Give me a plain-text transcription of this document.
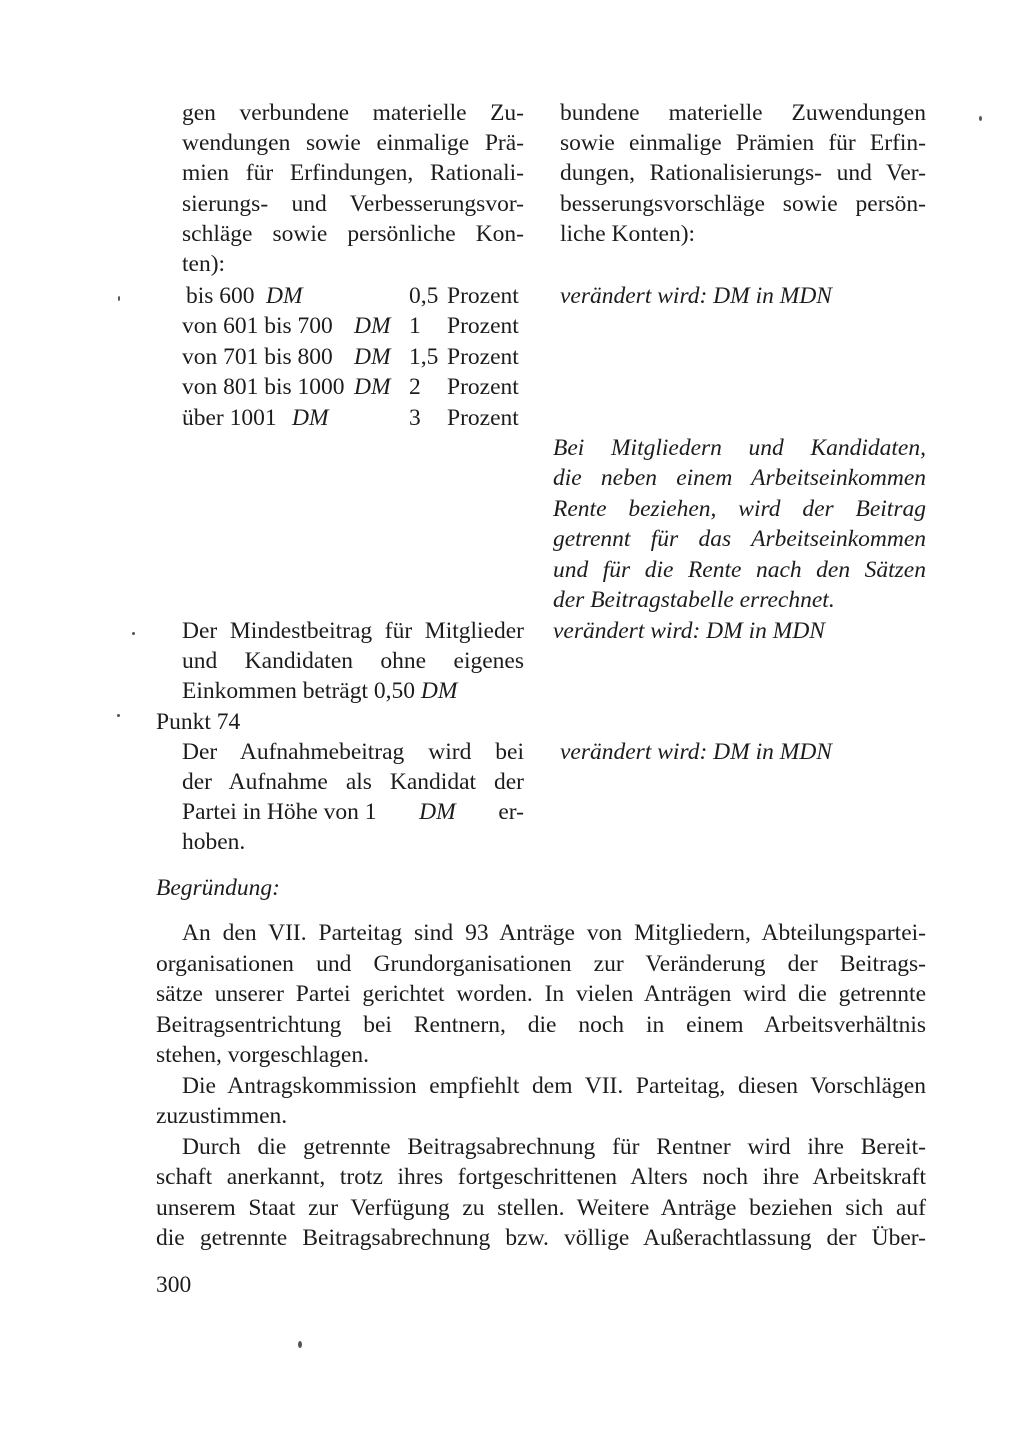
gen verbundene materielle Zu-
wendungen sowie einmalige Prä-
mien für Erfindungen, Rationali-
sierungs- und Verbesserungsvor-
schläge sowie persönliche Kon-
ten):
bis 600 DM	0,5 Prozent
von 601 bis 700 DM 1 Prozent
von 701 bis 800 DM 1,5 Prozent
von 801 bis 1000 DM 2 Prozent
über 1001 DM	3 Prozent
Der Mindestbeitrag für Mitglieder
und Kandidaten ohne eigenes
Einkommen beträgt 0,50 DM
Punkt 74
Der Aufnahmebeitrag wird bei
der Aufnahme als Kandidat der
Partei in Höhe von 1 DM er-
hoben.
bundene materielle Zuwendungen
sowie einmalige Prämien für Erfin-
dungen, Rationalisierungs- und Ver-
besserungsvorschläge sowie persön-
liche Konten):
verändert wird: DM in MDN
Bei Mitgliedern und Kandidaten,
die neben einem Arbeitseinkommen
Rente beziehen, wird der Beitrag
getrennt für das Arbeitseinkommen
und für die Rente nach den Sätzen
der Beitragstabelle errechnet.
verändert wird: DM in MDN
verändert wird: DM in MDN
Begründung:
An den VII. Parteitag sind 93 Anträge von Mitgliedern, Abteilungspartei-
organisationen und Grundorganisationen zur Veränderung der Beitrags-
sätze unserer Partei gerichtet worden. In vielen Anträgen wird die getrennte
Beitragsentrichtung bei Rentnern, die noch in einem Arbeitsverhältnis
stehen, vorgeschlagen.
Die Antragskommission empfiehlt dem VII. Parteitag, diesen Vorschlägen
zuzustimmen.
Durch die getrennte Beitragsabrechnung für Rentner wird ihre Bereit-
schaft anerkannt, trotz ihres fortgeschrittenen Alters noch ihre Arbeitskraft
unserem Staat zur Verfügung zu stellen. Weitere Anträge beziehen sich auf
die getrennte Beitragsabrechnung bzw. völlige Außerachtlassung der Über-
300
